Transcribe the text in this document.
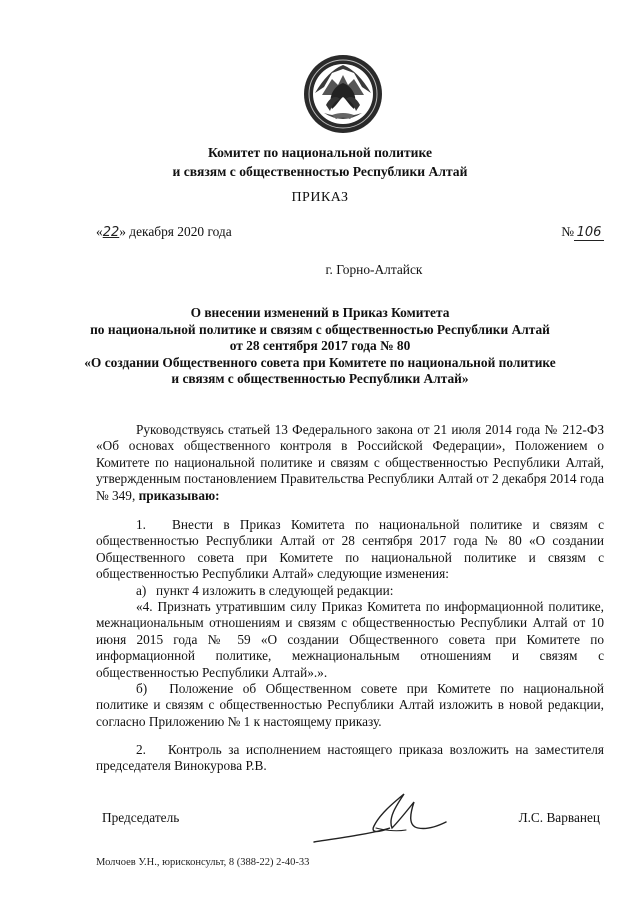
Комитет по национальной политике
и связям с общественностью Республики Алтай
ПРИКАЗ
«22» декабря 2020 года	№ 106
г. Горно-Алтайск
О внесении изменений в Приказ Комитета
по национальной политике и связям с общественностью Республики Алтай
от 28 сентября 2017 года № 80
«О создании Общественного совета при Комитете по национальной политике
и связям с общественностью Республики Алтай»
Руководствуясь статьей 13 Федерального закона от 21 июля 2014 года № 212-ФЗ «Об основах общественного контроля в Российской Федерации», Положением о Комитете по национальной политике и связям с общественностью Республики Алтай, утвержденным постановлением Правительства Республики Алтай от 2 декабря 2014 года № 349, приказываю:
1. Внести в Приказ Комитета по национальной политике и связям с общественностью Республики Алтай от 28 сентября 2017 года № 80 «О создании Общественного совета при Комитете по национальной политике и связям с общественностью Республики Алтай» следующие изменения:
а) пункт 4 изложить в следующей редакции:
«4. Признать утратившим силу Приказ Комитета по информационной политике, межнациональным отношениям и связям с общественностью Республики Алтай от 10 июня 2015 года № 59 «О создании Общественного совета при Комитете по информационной политике, межнациональным отношениям и связям с общественностью Республики Алтай».».
б) Положение об Общественном совете при Комитете по национальной политике и связям с общественностью Республики Алтай изложить в новой редакции, согласно Приложению № 1 к настоящему приказу.
2. Контроль за исполнением настоящего приказа возложить на заместителя председателя Винокурова Р.В.
Председатель	Л.С. Варванец
Молчоев У.Н., юрисконсульт, 8 (388-22) 2-40-33
